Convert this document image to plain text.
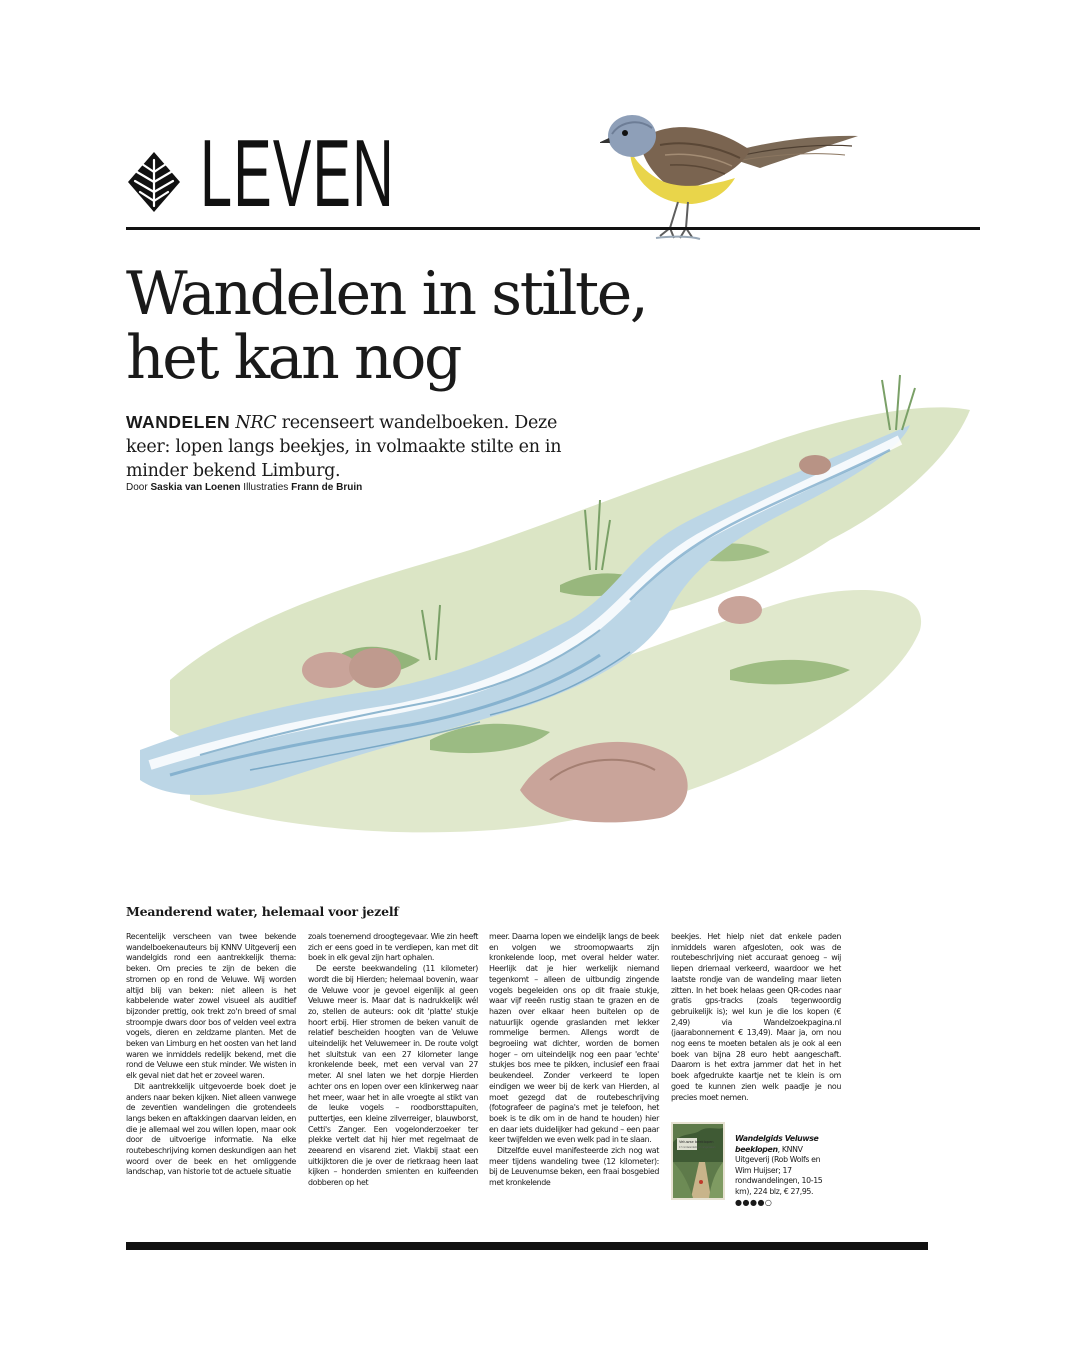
LEVEN
Wandelen in stilte,
het kan nog

WANDELEN NRC recenseert wandelboeken. Deze keer: lopen langs beekjes, in volmaakte stilte en in minder bekend Limburg.

Door Saskia van Loenen Illustraties Frann de Bruin
Meanderend water, helemaal voor jezelf

Recentelijk verscheen van twee bekende wandelboekenauteurs bij KNNV Uitgeverij een wandelgids rond een aantrekkelijk thema: beken. Om precies te zijn de beken die stromen op en rond de Veluwe. Wij worden altijd blij van beken: niet alleen is het kabbelende water zowel visueel als auditief bijzonder prettig, ook trekt zo'n breed of smal stroompje dwars door bos of velden veel extra vogels, dieren en zeldzame planten. Met de beken van Limburg en het oosten van het land waren we inmiddels redelijk bekend, met die rond de Veluwe een stuk minder. We wisten in elk geval niet dat het er zoveel waren.

Dit aantrekkelijk uitgevoerde boek doet je anders naar beken kijken. Niet alleen vanwege de zeventien wandelingen die grotendeels langs beken en aftakkingen daarvan leiden, en die je allemaal wel zou willen lopen, maar ook door de uitvoerige informatie. Na elke routebeschrijving komen deskundigen aan het woord over de beek en het omliggende landschap, van historie tot de actuele situatie

zoals toenemend droogtegevaar. Wie zin heeft zich er eens goed in te verdiepen, kan met dit boek in elk geval zijn hart ophalen.

De eerste beekwandeling (11 kilometer) wordt die bij Hierden; helemaal bovenin, waar de Veluwe voor je gevoel eigenlijk al geen Veluwe meer is. Maar dat is nadrukkelijk wél zo, stellen de auteurs: ook dit 'platte' stukje hoort erbij. Hier stromen de beken vanuit de relatief bescheiden hoogten van de Veluwe uiteindelijk het Veluwemeer in. De route volgt het sluitstuk van een 27 kilometer lange kronkelende beek, met een verval van 27 meter. Al snel laten we het dorpje Hierden achter ons en lopen over een klinkerweg naar het meer, waar het in alle vroegte al stikt van de leuke vogels – roodborsttapuiten, puttertjes, een kleine zilverreiger, blauwborst, Cetti's Zanger. Een vogelonderzoeker ter plekke vertelt dat hij hier met regelmaat de zeearend en visarend ziet. Vlakbij staat een uitkijktoren die je over de rietkraag heen laat kijken – honderden smienten en kuifeenden dobberen op het

meer. Daarna lopen we eindelijk langs de beek en volgen we stroomopwaarts zijn kronkelende loop, met overal helder water. Heerlijk dat je hier werkelijk niemand tegenkomt – alleen de uitbundig zingende vogels begeleiden ons op dit fraaie stukje, waar vijf reeën rustig staan te grazen en de hazen over elkaar heen buitelen op de natuurlijk ogende graslanden met lekker rommelige bermen. Allengs wordt de begroeiing wat dichter, worden de bomen hoger – om uiteindelijk nog een paar 'echte' stukjes bos mee te pikken, inclusief een fraai beukendeel. Zonder verkeerd te lopen eindigen we weer bij de kerk van Hierden, al moet gezegd dat de routebeschrijving (fotografeer de pagina's met je telefoon, het boek is te dik om in de hand te houden) hier en daar iets duidelijker had gekund – een paar keer twijfelden we even welk pad in te slaan.

Ditzelfde euvel manifesteerde zich nog wat meer tijdens wandeling twee (12 kilometer): bij de Leuvenumse beken, een fraai bosgebied met kronkelende

beekjes. Het hielp niet dat enkele paden inmiddels waren afgesloten, ook was de routebeschrijving niet accuraat genoeg – wij liepen driemaal verkeerd, waardoor we het laatste rondje van de wandeling maar lieten zitten. In het boek helaas geen QR-codes naar gratis gps-tracks (zoals tegenwoordig gebruikelijk is); wel kun je die los kopen (€ 2,49) via Wandelzoekpagina.nl (jaarabonnement € 13,49). Maar ja, om nou nog eens te moeten betalen als je ook al een boek van bijna 28 euro hebt aangeschaft. Daarom is het extra jammer dat het in het boek afgedrukte kaartje net te klein is om goed te kunnen zien welk paadje je nou precies moet nemen.

Veluwse beeklopen
17 rondwandelingen langs beken
Wandelgids Veluwse beeklopen, KNNV Uitgeverij (Rob Wolfs en Wim Huijser; 17 rondwandelingen, 10-15 km), 224 blz, € 27,95.
●●●●○
